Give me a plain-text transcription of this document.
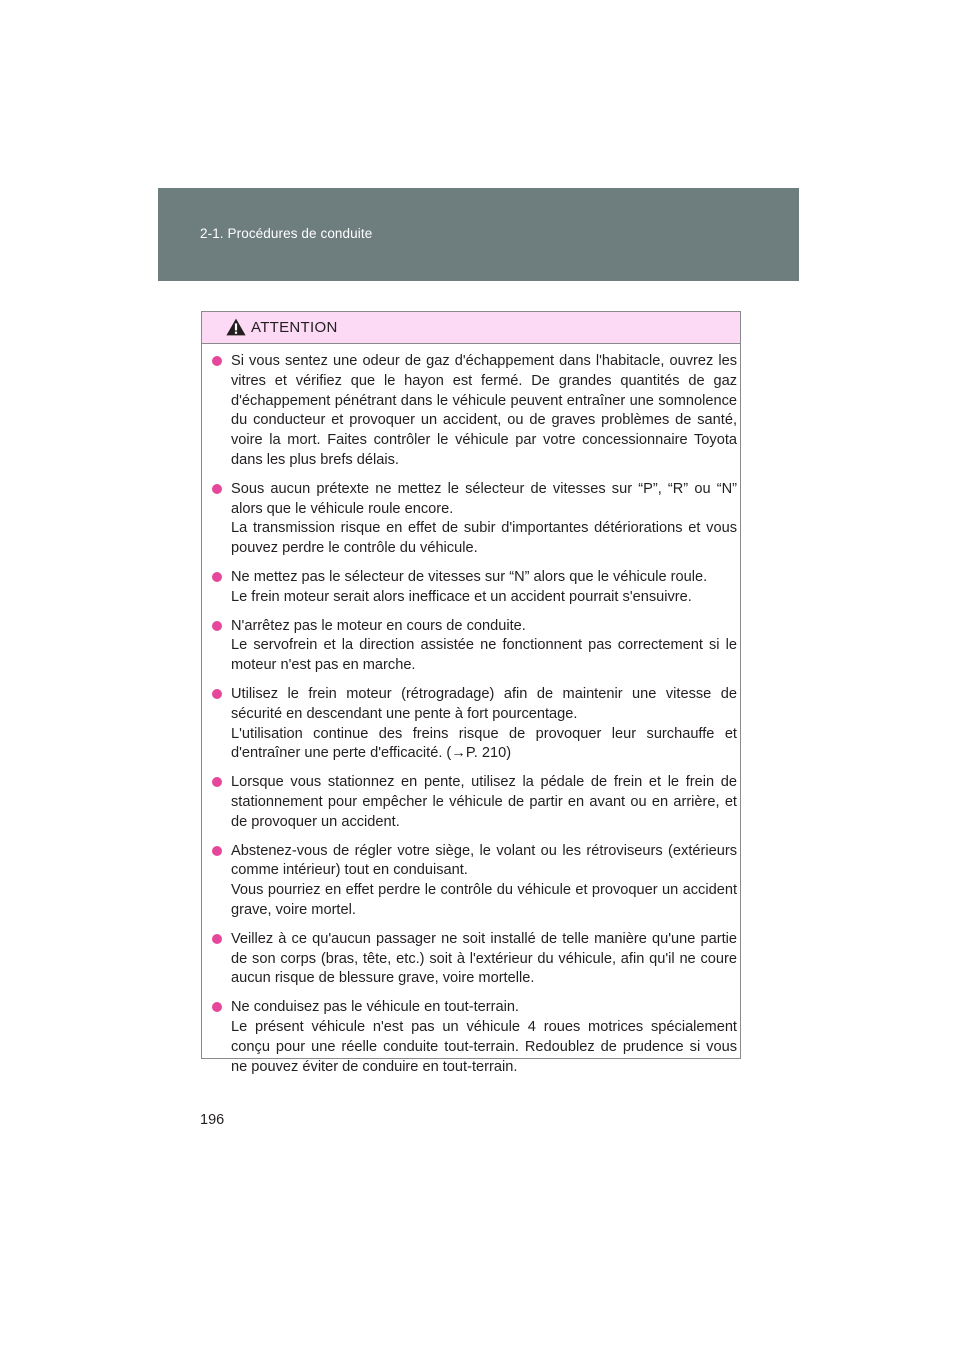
2-1. Procédures de conduite
ATTENTION
Si vous sentez une odeur de gaz d'échappement dans l'habitacle, ouvrez les vitres et vérifiez que le hayon est fermé. De grandes quantités de gaz d'échappement pénétrant dans le véhicule peuvent entraîner une somnolence du conducteur et provoquer un accident, ou de graves problèmes de santé, voire la mort. Faites contrôler le véhicule par votre concessionnaire Toyota dans les plus brefs délais.
Sous aucun prétexte ne mettez le sélecteur de vitesses sur “P”, “R” ou “N” alors que le véhicule roule encore.
La transmission risque en effet de subir d'importantes détériorations et vous pouvez perdre le contrôle du véhicule.
Ne mettez pas le sélecteur de vitesses sur “N” alors que le véhicule roule.
Le frein moteur serait alors inefficace et un accident pourrait s'ensuivre.
N'arrêtez pas le moteur en cours de conduite.
Le servofrein et la direction assistée ne fonctionnent pas correctement si le moteur n'est pas en marche.
Utilisez le frein moteur (rétrogradage) afin de maintenir une vitesse de sécurité en descendant une pente à fort pourcentage.
L'utilisation continue des freins risque de provoquer leur surchauffe et d'entraîner une perte d'efficacité. (→P. 210)
Lorsque vous stationnez en pente, utilisez la pédale de frein et le frein de stationnement pour empêcher le véhicule de partir en avant ou en arrière, et de provoquer un accident.
Abstenez-vous de régler votre siège, le volant ou les rétroviseurs (extérieurs comme intérieur) tout en conduisant.
Vous pourriez en effet perdre le contrôle du véhicule et provoquer un accident grave, voire mortel.
Veillez à ce qu'aucun passager ne soit installé de telle manière qu'une partie de son corps (bras, tête, etc.) soit à l'extérieur du véhicule, afin qu'il ne coure aucun risque de blessure grave, voire mortelle.
Ne conduisez pas le véhicule en tout-terrain.
Le présent véhicule n'est pas un véhicule 4 roues motrices spécialement conçu pour une réelle conduite tout-terrain. Redoublez de prudence si vous ne pouvez éviter de conduire en tout-terrain.
196
